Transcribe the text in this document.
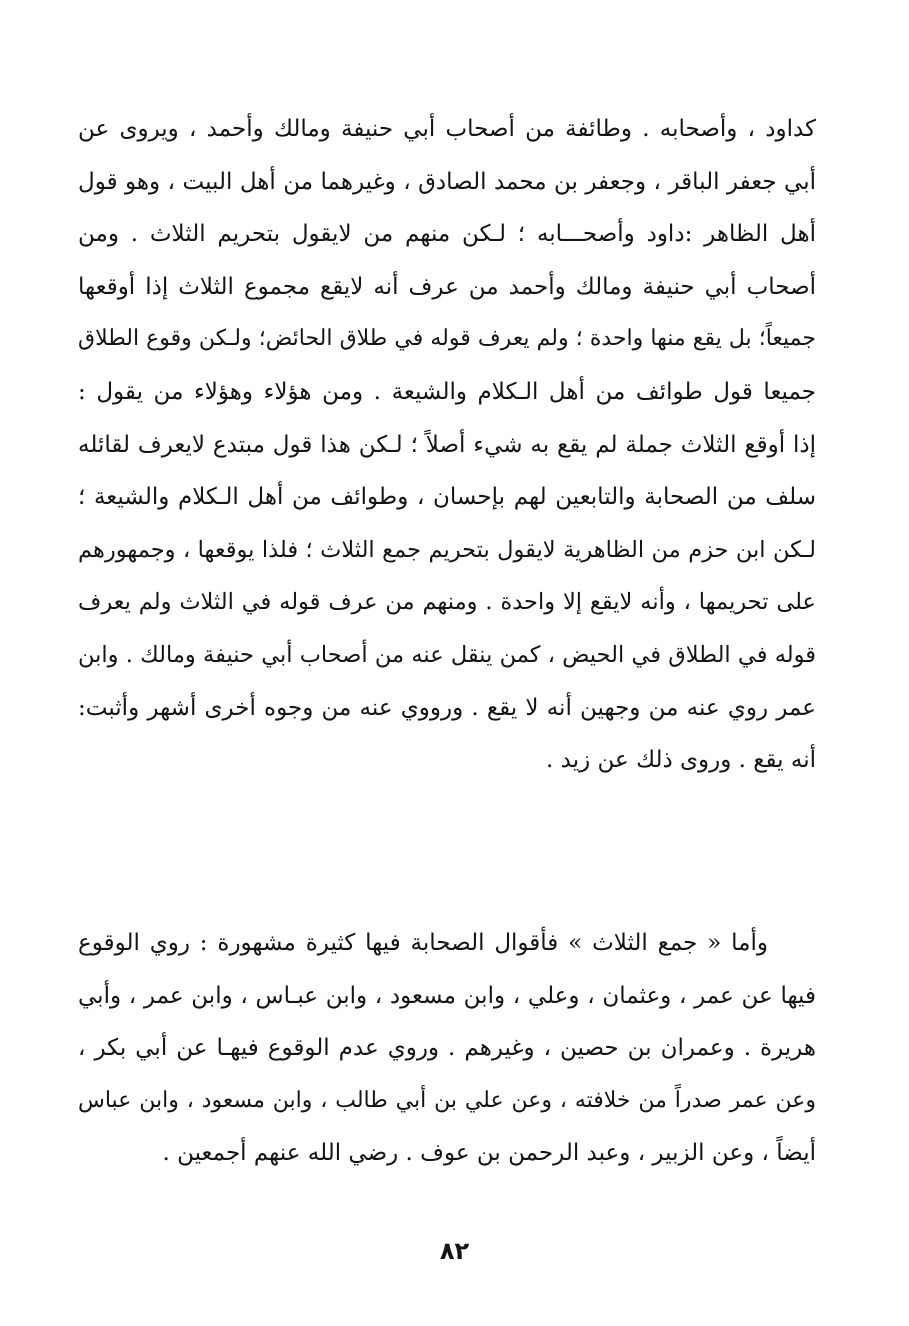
كداود ، وأصحابه . وطائفة من أصحاب أبي حنيفة ومالك وأحمد ، ويروى عن
أبي جعفر الباقر ، وجعفر بن محمد الصادق ، وغيرهما من أهل البيت ، وهو قول
أهل الظاهر :داود وأصحـــابه ؛ لـكن منهم من لايقول بتحريم الثلاث . ومن
أصحاب أبي حنيفة ومالك وأحمد من عرف أنه لايقع مجموع الثلاث إذا أوقعها
جميعاً؛ بل يقع منها واحدة ؛ ولم يعرف قوله في طلاق الحائض؛ ولـكن وقوع الطلاق
جميعا قول طوائف من أهل الـكلام والشيعة . ومن هؤلاء وهؤلاء من يقول :
إذا أوقع الثلاث جملة لم يقع به شيء أصلاً ؛ لـكن هذا قول مبتدع لايعرف لقائله
سلف من الصحابة والتابعين لهم بإحسان ، وطوائف من أهل الـكلام والشيعة ؛
لـكن ابن حزم من الظاهرية لايقول بتحريم جمع الثلاث ؛ فلذا يوقعها ، وجمهورهم
على تحريمها ، وأنه لايقع إلا واحدة . ومنهم من عرف قوله في الثلاث ولم يعرف
قوله في الطلاق في الحيض ، كمن ينقل عنه من أصحاب أبي حنيفة ومالك . وابن
عمر روي عنه من وجهين أنه لا يقع . ورووي عنه من وجوه أخرى أشهر وأثبت:
أنه يقع . وروى ذلك عن زيد .
وأما « جمع الثلاث » فأقوال الصحابة فيها كثيرة مشهورة : روي الوقوع
فيها عن عمر ، وعثمان ، وعلي ، وابن مسعود ، وابن عبـاس ، وابن عمر ، وأبي
هريرة . وعمران بن حصين ، وغيرهم . وروي عدم الوقوع فيهـا عن أبي بكر ،
وعن عمر صدراً من خلافته ، وعن علي بن أبي طالب ، وابن مسعود ، وابن عباس
أيضاً ، وعن الزبير ، وعبد الرحمن بن عوف . رضي الله عنهم أجمعين .
٨٢
